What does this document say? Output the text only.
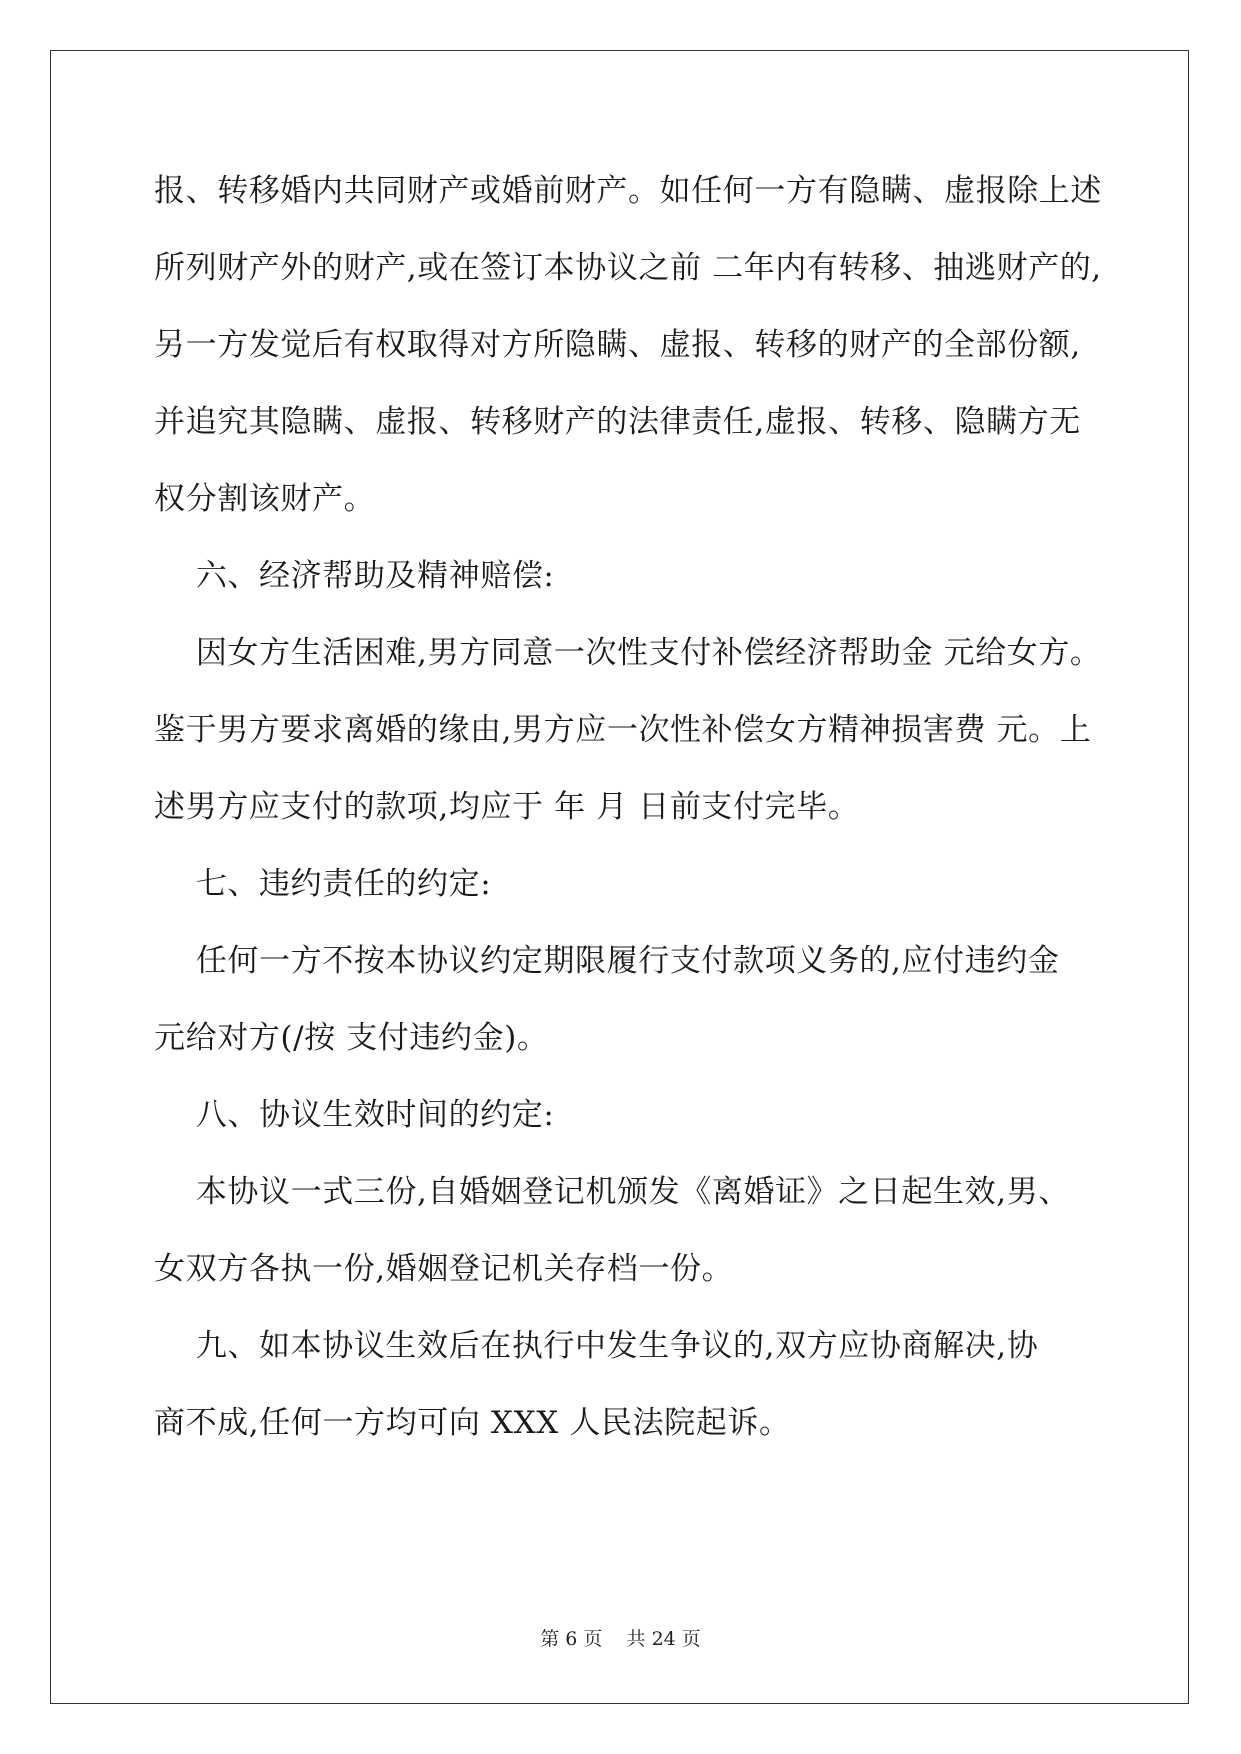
报、转移婚内共同财产或婚前财产。如任何一方有隐瞒、虚报除上述
所列财产外的财产,或在签订本协议之前 二年内有转移、抽逃财产的,
另一方发觉后有权取得对方所隐瞒、虚报、转移的财产的全部份额,
并追究其隐瞒、虚报、转移财产的法律责任,虚报、转移、隐瞒方无
权分割该财产。
六、经济帮助及精神赔偿:
因女方生活困难,男方同意一次性支付补偿经济帮助金 元给女方。
鉴于男方要求离婚的缘由,男方应一次性补偿女方精神损害费 元。上
述男方应支付的款项,均应于 年 月 日前支付完毕。
七、违约责任的约定:
任何一方不按本协议约定期限履行支付款项义务的,应付违约金
元给对方(/按 支付违约金)。
八、协议生效时间的约定:
本协议一式三份,自婚姻登记机颁发《离婚证》之日起生效,男、
女双方各执一份,婚姻登记机关存档一份。
九、如本协议生效后在执行中发生争议的,双方应协商解决,协
商不成,任何一方均可向 XXX 人民法院起诉。
第 6 页    共 24 页
